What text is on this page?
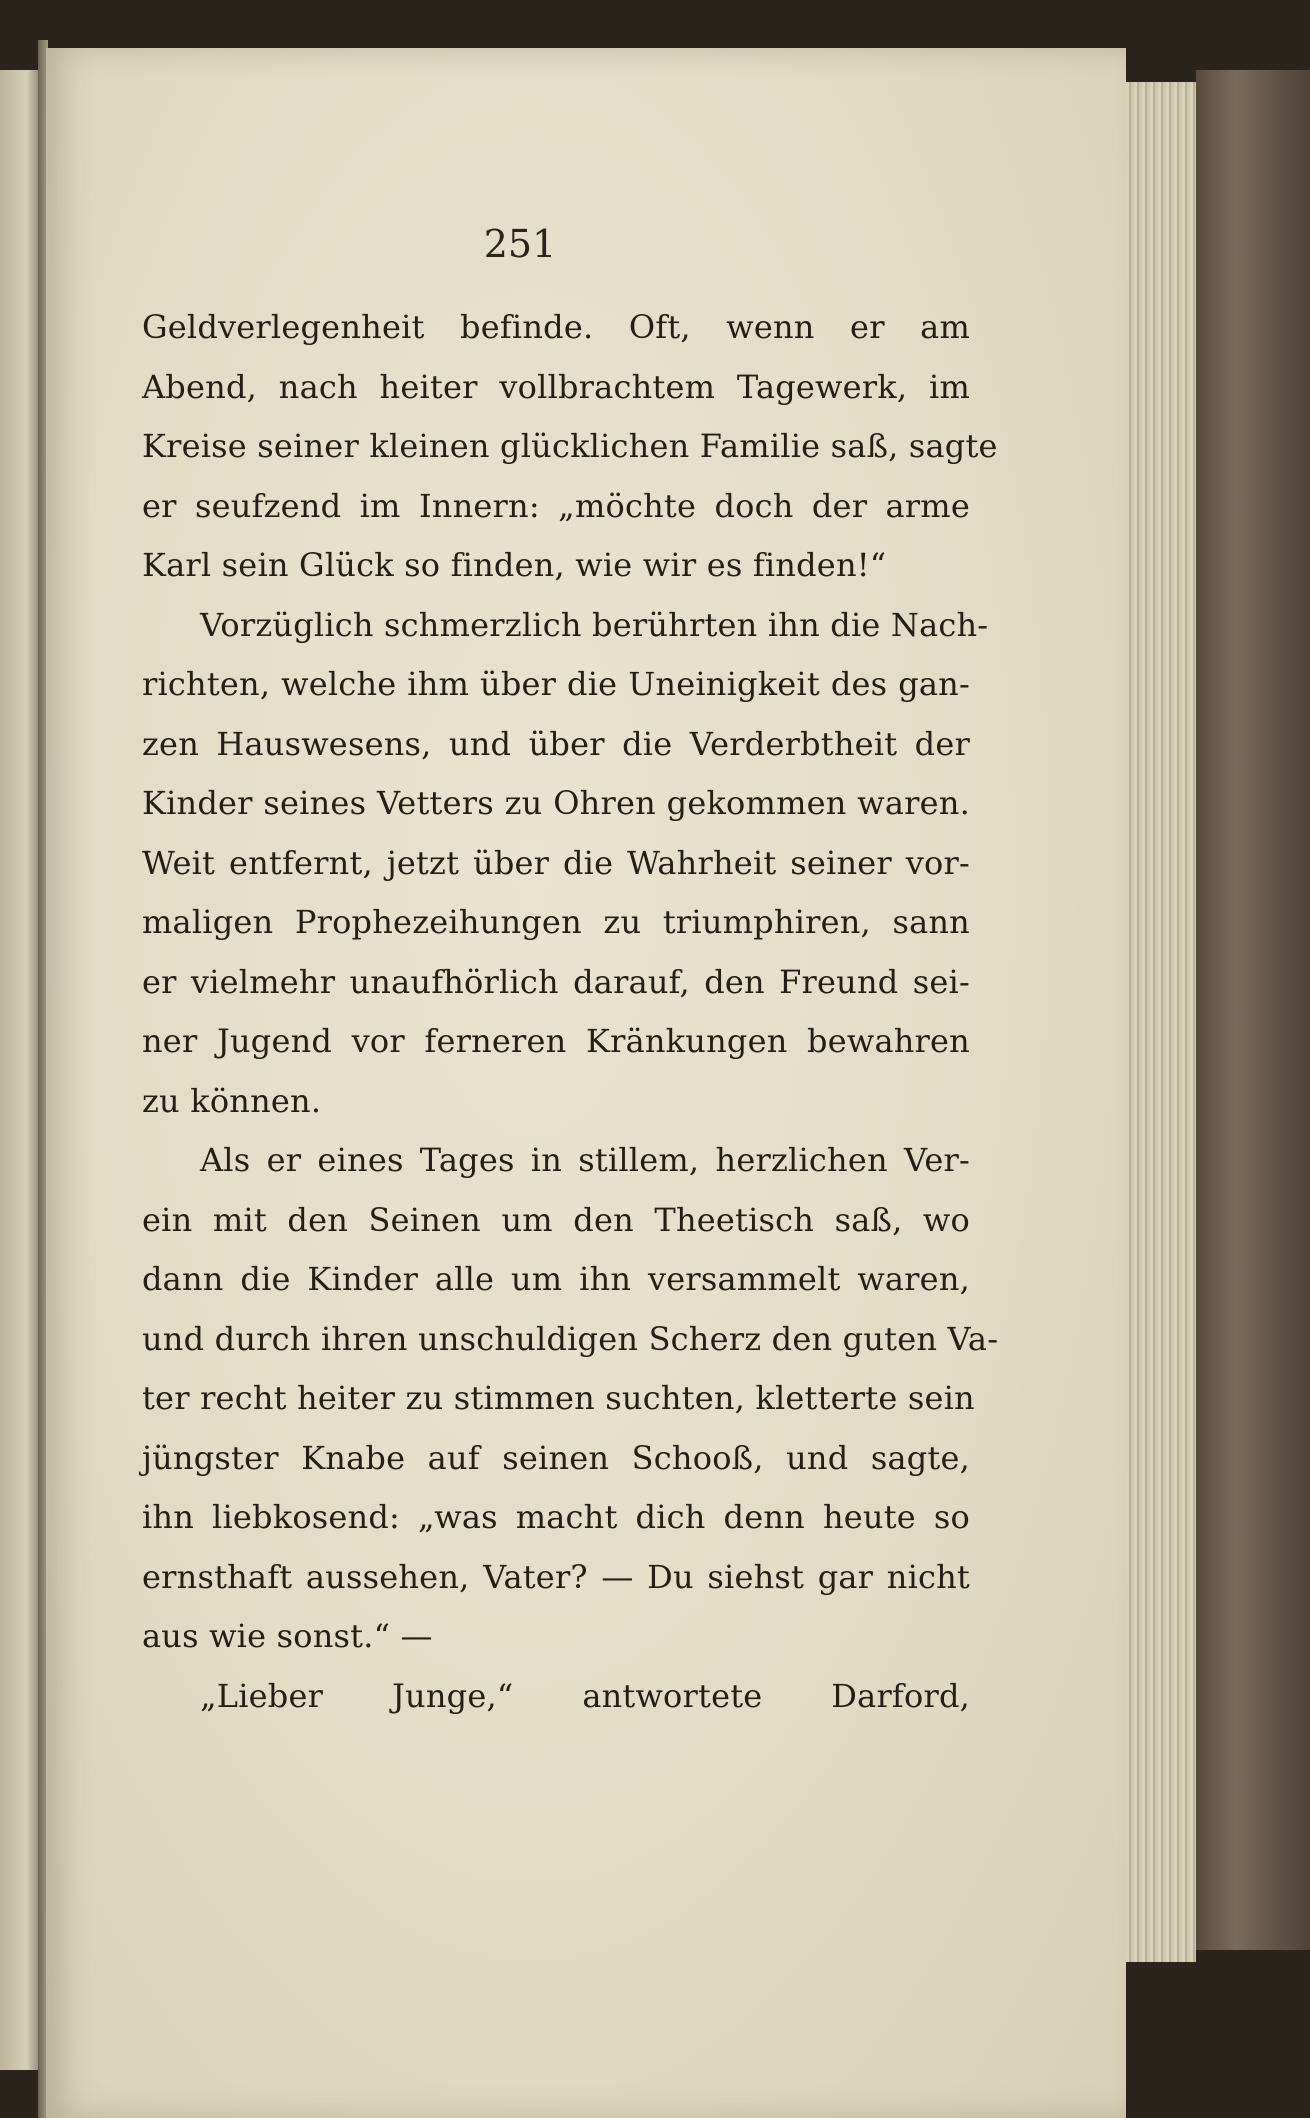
251
Geldverlegenheit befinde. Oft, wenn er am
Abend, nach heiter vollbrachtem Tagewerk, im
Kreise seiner kleinen glücklichen Familie saß, sagte
er seufzend im Innern: „möchte doch der arme
Karl sein Glück so finden, wie wir es finden!“
Vorzüglich schmerzlich berührten ihn die Nach-
richten, welche ihm über die Uneinigkeit des gan-
zen Hauswesens, und über die Verderbtheit der
Kinder seines Vetters zu Ohren gekommen waren.
Weit entfernt, jetzt über die Wahrheit seiner vor-
maligen Prophezeihungen zu triumphiren, sann
er vielmehr unaufhörlich darauf, den Freund sei-
ner Jugend vor ferneren Kränkungen bewahren
zu können.
Als er eines Tages in stillem, herzlichen Ver-
ein mit den Seinen um den Theetisch saß, wo
dann die Kinder alle um ihn versammelt waren,
und durch ihren unschuldigen Scherz den guten Va-
ter recht heiter zu stimmen suchten, kletterte sein
jüngster Knabe auf seinen Schooß, und sagte,
ihn liebkosend: „was macht dich denn heute so
ernsthaft aussehen, Vater? — Du siehst gar nicht
aus wie sonst.“ —
„Lieber Junge,“ antwortete Darford,
